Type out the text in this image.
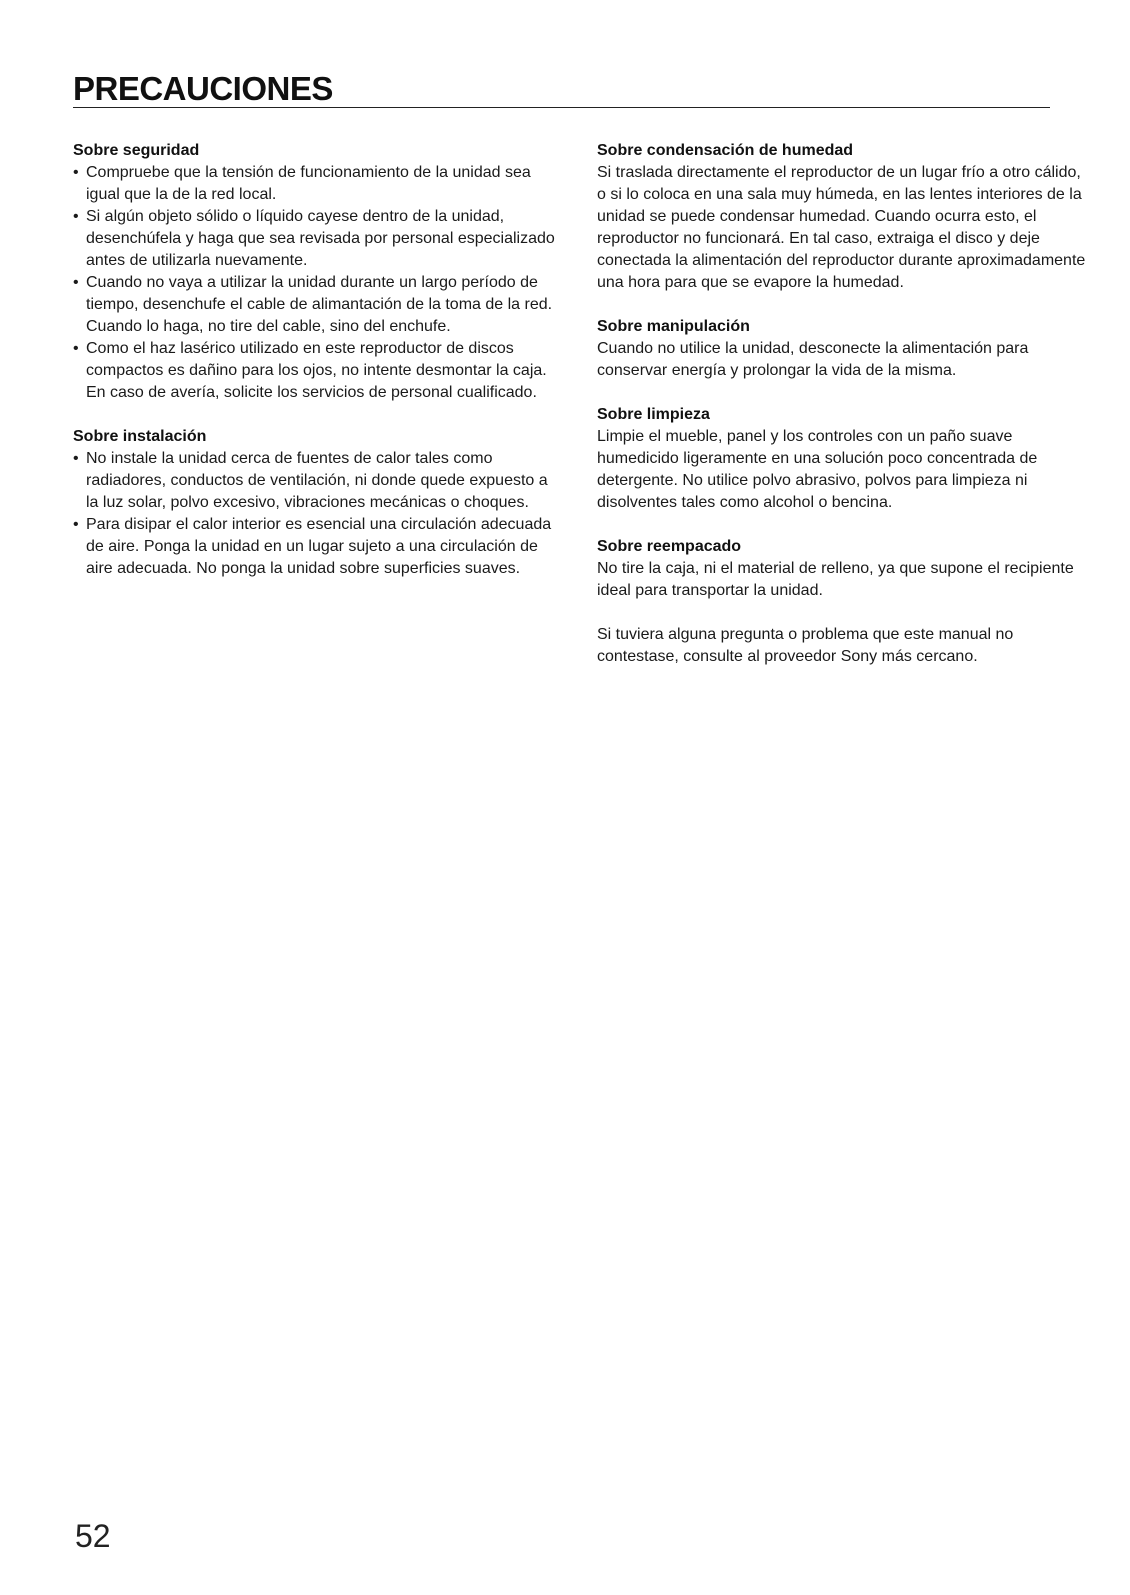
PRECAUCIONES

Sobre seguridad

• Compruebe que la tensión de funcionamiento de la unidad sea igual que la de la red local.
• Si algún objeto sólido o líquido cayese dentro de la unidad, desenchúfela y haga que sea revisada por personal especializado antes de utilizarla nuevamente.
• Cuando no vaya a utilizar la unidad durante un largo período de tiempo, desenchufe el cable de alimantación de la toma de la red. Cuando lo haga, no tire del cable, sino del enchufe.
• Como el haz lasérico utilizado en este reproductor de discos compactos es dañino para los ojos, no intente desmontar la caja. En caso de avería, solicite los servicios de personal cualificado.

Sobre instalación

• No instale la unidad cerca de fuentes de calor tales como radiadores, conductos de ventilación, ni donde quede expuesto a la luz solar, polvo excesivo, vibraciones mecánicas o choques.
• Para disipar el calor interior es esencial una circulación adecuada de aire. Ponga la unidad en un lugar sujeto a una circulación de aire adecuada. No ponga la unidad sobre superficies suaves.

Sobre condensación de humedad

Si traslada directamente el reproductor de un lugar frío a otro cálido, o si lo coloca en una sala muy húmeda, en las lentes interiores de la unidad se puede condensar humedad. Cuando ocurra esto, el reproductor no funcionará. En tal caso, extraiga el disco y deje conectada la alimentación del reproductor durante aproximadamente una hora para que se evapore la humedad.

Sobre manipulación

Cuando no utilice la unidad, desconecte la alimentación para conservar energía y prolongar la vida de la misma.

Sobre limpieza

Limpie el mueble, panel y los controles con un paño suave humedicido ligeramente en una solución poco concentrada de detergente. No utilice polvo abrasivo, polvos para limpieza ni disolventes tales como alcohol o bencina.

Sobre reempacado

No tire la caja, ni el material de relleno, ya que supone el recipiente ideal para transportar la unidad.

Si tuviera alguna pregunta o problema que este manual no contestase, consulte al proveedor Sony más cercano.

52
